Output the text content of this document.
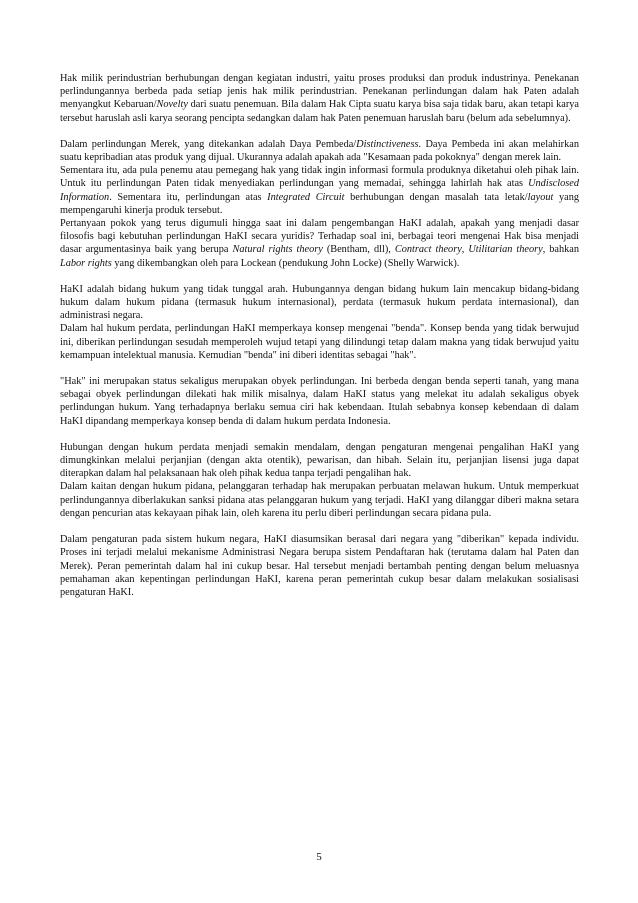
Hak milik perindustrian berhubungan dengan kegiatan industri, yaitu proses produksi dan produk industrinya. Penekanan perlindungannya berbeda pada setiap jenis hak milik perindustrian. Penekanan perlindungan dalam hak Paten adalah menyangkut Kebaruan/Novelty dari suatu penemuan. Bila dalam Hak Cipta suatu karya bisa saja tidak baru, akan tetapi karya tersebut haruslah asli karya seorang pencipta sedangkan dalam hak Paten penemuan haruslah baru (belum ada sebelumnya).

Dalam perlindungan Merek, yang ditekankan adalah Daya Pembeda/Distinctiveness. Daya Pembeda ini akan melahirkan suatu kepribadian atas produk yang dijual. Ukurannya adalah apakah ada "Kesamaan pada pokoknya" dengan merek lain.

Sementara itu, ada pula penemu atau pemegang hak yang tidak ingin informasi formula produknya diketahui oleh pihak lain. Untuk itu perlindungan Paten tidak menyediakan perlindungan yang memadai, sehingga lahirlah hak atas Undisclosed Information. Sementara itu, perlindungan atas Integrated Circuit berhubungan dengan masalah tata letak/layout yang mempengaruhi kinerja produk tersebut.

Pertanyaan pokok yang terus digumuli hingga saat ini dalam pengembangan HaKI adalah, apakah yang menjadi dasar filosofis bagi kebutuhan perlindungan HaKI secara yuridis? Terhadap soal ini, berbagai teori mengenai Hak bisa menjadi dasar argumentasinya baik yang berupa Natural rights theory (Bentham, dll), Contract theory, Utilitarian theory, bahkan Labor rights yang dikembangkan oleh para Lockean (pendukung John Locke) (Shelly Warwick).

HaKI adalah bidang hukum yang tidak tunggal arah. Hubungannya dengan bidang hukum lain mencakup bidang-bidang hukum dalam hukum pidana (termasuk hukum internasional), perdata (termasuk hukum perdata internasional), dan administrasi negara.

Dalam hal hukum perdata, perlindungan HaKI memperkaya konsep mengenai "benda". Konsep benda yang tidak berwujud ini, diberikan perlindungan sesudah memperoleh wujud tetapi yang dilindungi tetap dalam makna yang tidak berwujud yaitu kemampuan intelektual manusia. Kemudian "benda" ini diberi identitas sebagai "hak".

"Hak" ini merupakan status sekaligus merupakan obyek perlindungan. Ini berbeda dengan benda seperti tanah, yang mana sebagai obyek perlindungan dilekati hak milik misalnya, dalam HaKI status yang melekat itu adalah sekaligus obyek perlindungan hukum. Yang terhadapnya berlaku semua ciri hak kebendaan. Itulah sebabnya konsep kebendaan di dalam HaKI dipandang memperkaya konsep benda di dalam hukum perdata Indonesia.

Hubungan dengan hukum perdata menjadi semakin mendalam, dengan pengaturan mengenai pengalihan HaKI yang dimungkinkan melalui perjanjian (dengan akta otentik), pewarisan, dan hibah. Selain itu, perjanjian lisensi juga dapat diterapkan dalam hal pelaksanaan hak oleh pihak kedua tanpa terjadi pengalihan hak.

Dalam kaitan dengan hukum pidana, pelanggaran terhadap hak merupakan perbuatan melawan hukum. Untuk memperkuat perlindungannya diberlakukan sanksi pidana atas pelanggaran hukum yang terjadi. HaKI yang dilanggar diberi makna setara dengan pencurian atas kekayaan pihak lain, oleh karena itu perlu diberi perlindungan secara pidana pula.

Dalam pengaturan pada sistem hukum negara, HaKI diasumsikan berasal dari negara yang "diberikan" kepada individu. Proses ini terjadi melalui mekanisme Administrasi Negara berupa sistem Pendaftaran hak (terutama dalam hal Paten dan Merek). Peran pemerintah dalam hal ini cukup besar. Hal tersebut menjadi bertambah penting dengan belum meluasnya pemahaman akan kepentingan perlindungan HaKI, karena peran pemerintah cukup besar dalam melakukan sosialisasi pengaturan HaKI.

5
